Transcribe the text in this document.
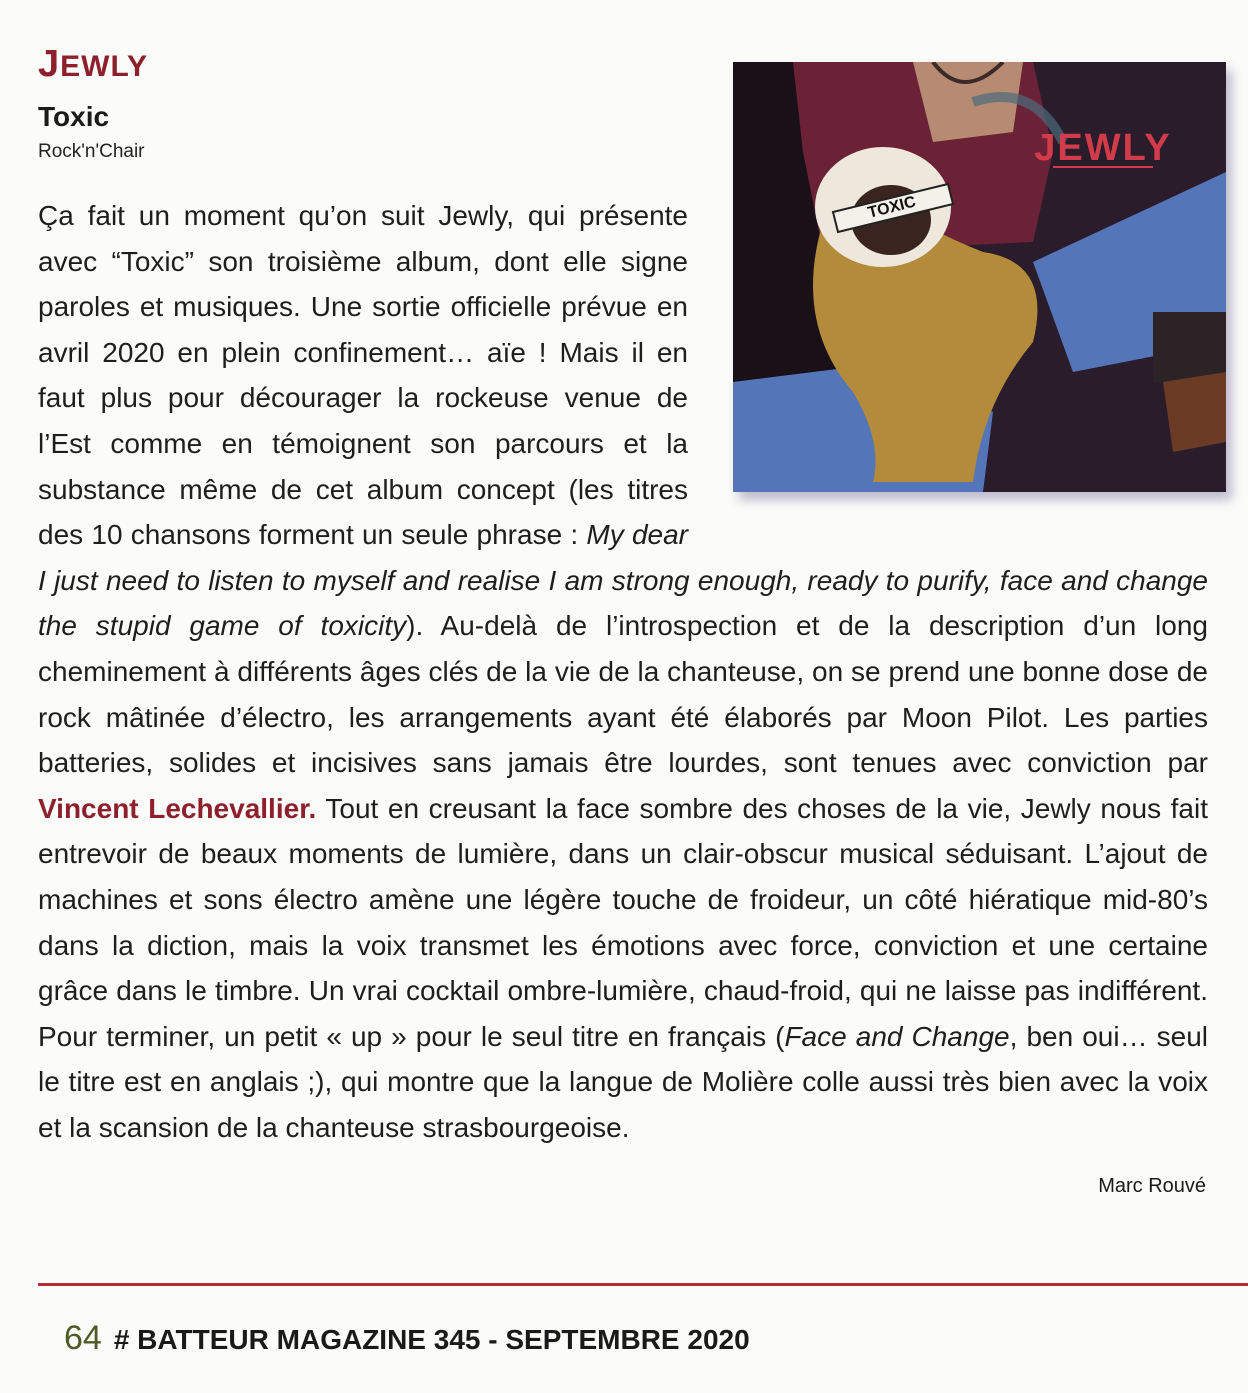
JEWLY
Toxic
Rock'n'Chair
TOXIC
JEWLY

Ça fait un moment qu’on suit Jewly, qui présente avec “Toxic” son troisième album, dont elle signe paroles et musiques. Une sortie officielle prévue en avril 2020 en plein confinement… aïe ! Mais il en faut plus pour décourager la rockeuse venue de l’Est comme en témoignent son parcours et la substance même de cet album concept (les titres des 10 chansons forment un seule phrase : My dear I just need to listen to myself and realise I am strong enough, ready to purify, face and change the stupid game of toxicity). Au-delà de l’introspection et de la description d’un long cheminement à différents âges clés de la vie de la chanteuse, on se prend une bonne dose de rock mâtinée d’électro, les arrangements ayant été élaborés par Moon Pilot. Les parties batteries, solides et incisives sans jamais être lourdes, sont tenues avec conviction par Vincent Lechevallier. Tout en creusant la face sombre des choses de la vie, Jewly nous fait entrevoir de beaux moments de lumière, dans un clair-obscur musical séduisant. L’ajout de machines et sons électro amène une légère touche de froideur, un côté hiératique mid-80’s dans la diction, mais la voix transmet les émotions avec force, conviction et une certaine grâce dans le timbre. Un vrai cocktail ombre-lumière, chaud-froid, qui ne laisse pas indifférent. Pour terminer, un petit « up » pour le seul titre en français (Face and Change, ben oui… seul le titre est en anglais ;), qui montre que la langue de Molière colle aussi très bien avec la voix et la scansion de la chanteuse strasbourgeoise.

Marc Rouvé
64 # BATTEUR MAGAZINE 345 - SEPTEMBRE 2020
